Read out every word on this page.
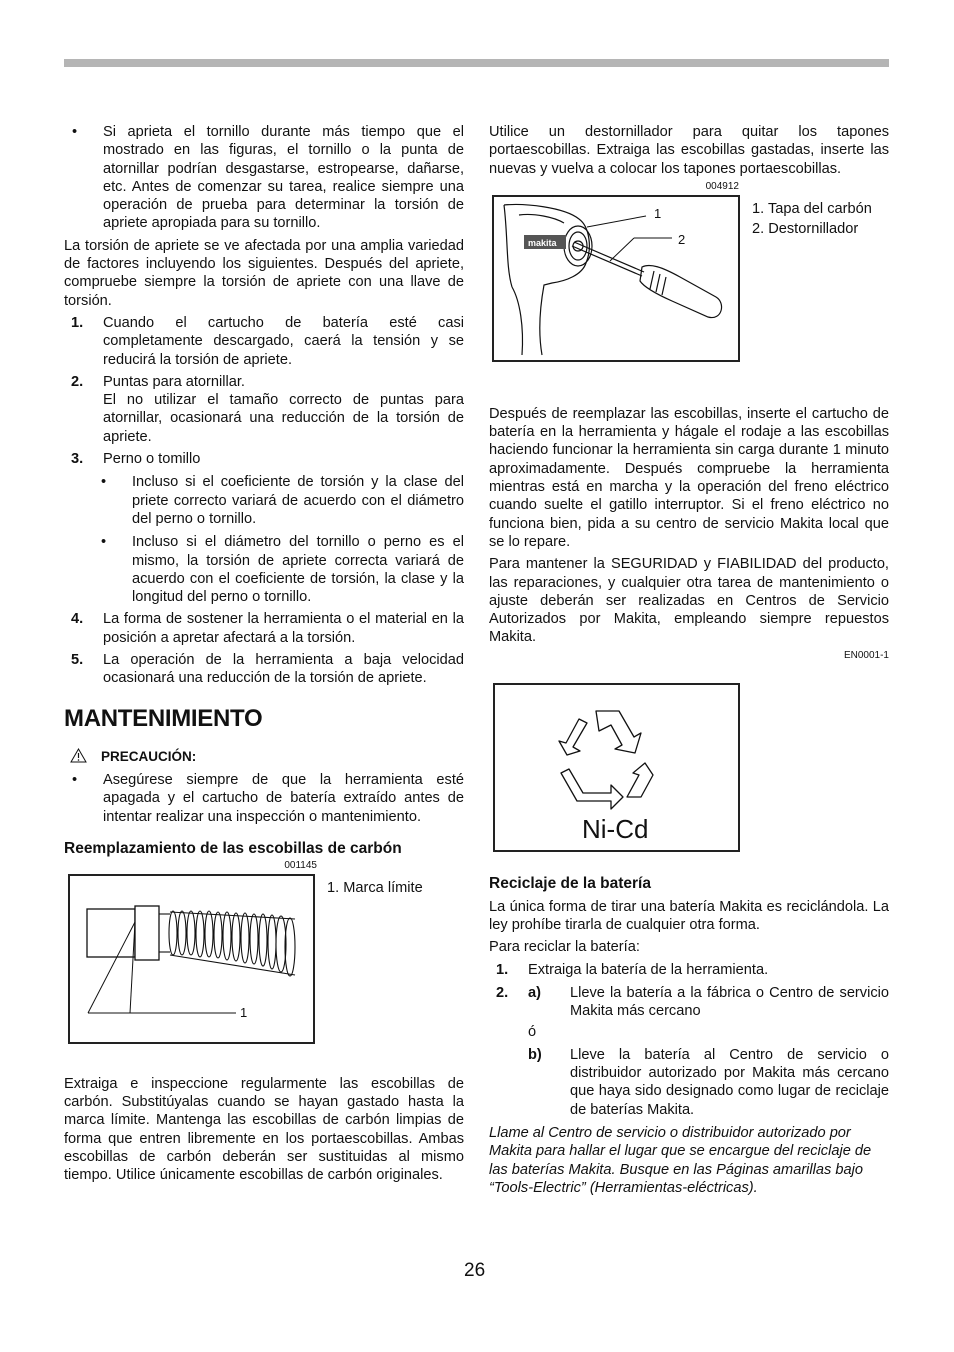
• Si aprieta el tornillo durante más tiempo que el mostrado en las figuras, el tornillo o la punta de atornillar podrían desgastarse, estropearse, dañarse, etc. Antes de comenzar su tarea, realice siempre una operación de prueba para determinar la torsión de apriete apropiada para su tornillo.

La torsión de apriete se ve afectada por una amplia variedad de factores incluyendo los siguientes. Después del apriete, compruebe siempre la torsión de apriete con una llave de torsión.

1. Cuando el cartucho de batería esté casi completamente descargado, caerá la tensión y se reducirá la torsión de apriete.
2. Puntas para atornillar.
El no utilizar el tamaño correcto de puntas para atornillar, ocasionará una reducción de la torsión de apriete.
3. Perno o tomillo
• Incluso si el coeficiente de torsión y la clase del priete correcto variará de acuerdo con el diámetro del perno o tornillo.
• Incluso si el diámetro del tornillo o perno es el mismo, la torsión de apriete correcta variará de acuerdo con el coeficiente de torsión, la clase y la longitud del perno o tornillo.
4. La forma de sostener la herramienta o el material en la posición a apretar afectará a la torsión.
5. La operación de la herramienta a baja velocidad ocasionará una reducción de la torsión de apriete.
MANTENIMIENTO
PRECAUCIÓN:
• Asegúrese siempre de que la herramienta esté apagada y el cartucho de batería extraído antes de intentar realizar una inspección o mantenimiento.
Reemplazamiento de las escobillas de carbón
001145
1
1. Marca límite

Extraiga e inspeccione regularmente las escobillas de carbón. Substitúyalas cuando se hayan gastado hasta la marca límite. Mantenga las escobillas de carbón limpias de forma que entren libremente en los portaescobillas. Ambas escobillas de carbón deberán ser sustituidas al mismo tiempo. Utilice únicamente escobillas de carbón originales.

Utilice un destornillador para quitar los tapones portaescobillas. Extraiga las escobillas gastadas, inserte las nuevas y vuelva a colocar los tapones portaescobillas.

004912
makita
1
2
1. Tapa del carbón
2. Destornillador

Después de reemplazar las escobillas, inserte el cartucho de batería en la herramienta y hágale el rodaje a las escobillas haciendo funcionar la herramienta sin carga durante 1 minuto aproximadamente. Después compruebe la herramienta mientras está en marcha y la operación del freno eléctrico cuando suelte el gatillo interruptor. Si el freno eléctrico no funciona bien, pida a su centro de servicio Makita local que se lo repare.

Para mantener la SEGURIDAD y FIABILIDAD del producto, las reparaciones, y cualquier otra tarea de mantenimiento o ajuste deberán ser realizadas en Centros de Servicio Autorizados por Makita, empleando siempre repuestos Makita.

EN0001-1
Ni-Cd
Reciclaje de la batería

La única forma de tirar una batería Makita es reciclándola. La ley prohíbe tirarla de cualquier otra forma.

Para reciclar la batería:

1. Extraiga la batería de la herramienta.
2. a) Lleve la batería a la fábrica o Centro de servicio Makita más cercano
ó
b) Lleve la batería al Centro de servicio o distribuidor autorizado por Makita más cercano que haya sido designado como lugar de reciclaje de baterías Makita.

Llame al Centro de servicio o distribuidor autorizado por Makita para hallar el lugar que se encargue del reciclaje de las baterías Makita. Busque en las Páginas amarillas bajo “Tools-Electric” (Herramientas-eléctricas).

26
